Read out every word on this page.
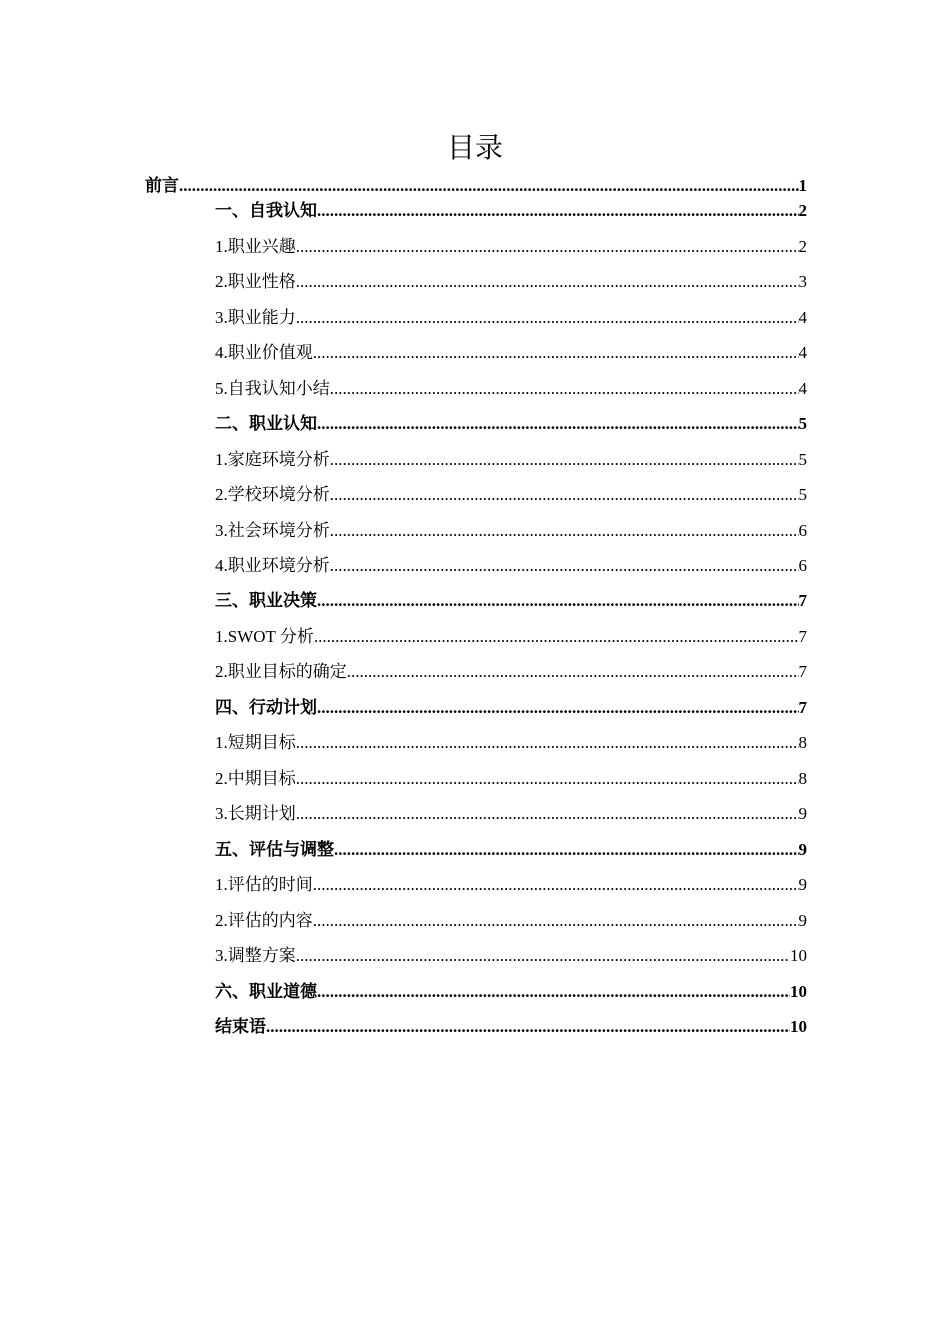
目录
前言 .....	1
一、自我认知 .....	2
1.职业兴趣 .....	2
2.职业性格 .....	3
3.职业能力 .....	4
4.职业价值观 .....	4
5.自我认知小结 .....	4
二、职业认知 .....	5
1.家庭环境分析 .....	5
2.学校环境分析 .....	5
3.社会环境分析 .....	6
4.职业环境分析 .....	6
三、职业决策 .....	7
1.SWOT 分析 .....	7
2.职业目标的确定 .....	7
四、行动计划 .....	7
1.短期目标 .....	8
2.中期目标 .....	8
3.长期计划 .....	9
五、评估与调整 .....	9
1.评估的时间 .....	9
2.评估的内容 .....	9
3.调整方案 .....	10
六、职业道德 .....	10
结束语 .....	10
